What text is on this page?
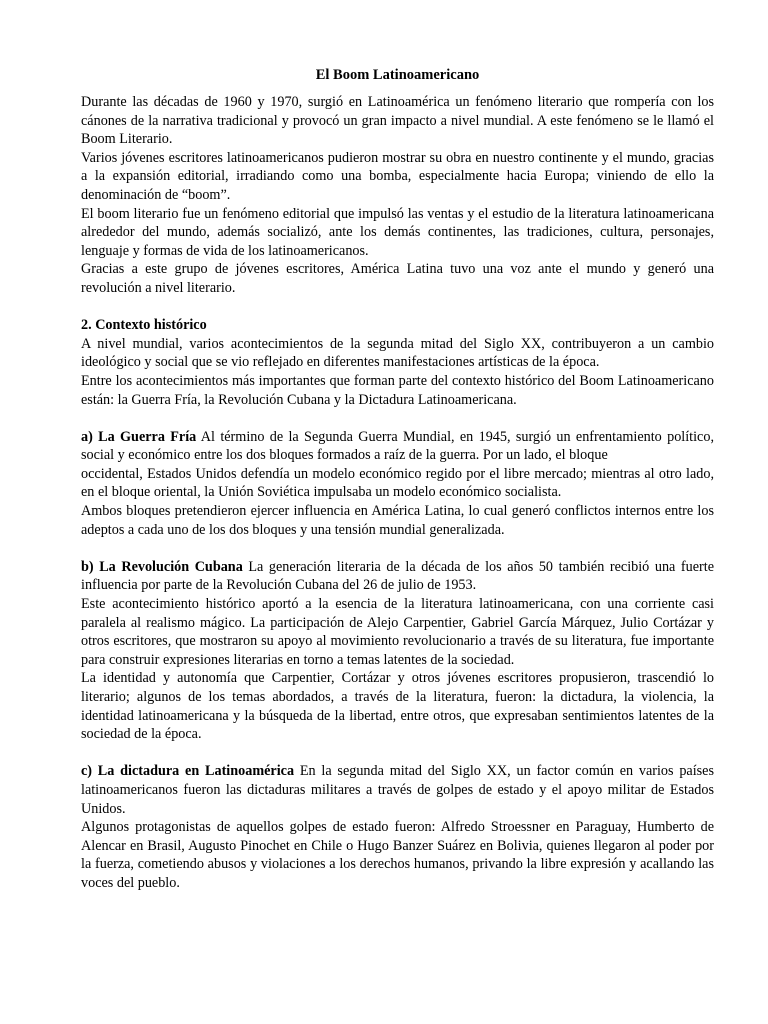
El Boom Latinoamericano

Durante las décadas de 1960 y 1970, surgió en Latinoamérica un fenómeno literario que rompería con los cánones de la narrativa tradicional y provocó un gran impacto a nivel mundial. A este fenómeno se le llamó el Boom Literario.

Varios jóvenes escritores latinoamericanos pudieron mostrar su obra en nuestro continente y el mundo, gracias a la expansión editorial, irradiando como una bomba, especialmente hacia Europa; viniendo de ello la denominación de “boom”.

El boom literario fue un fenómeno editorial que impulsó las ventas y el estudio de la literatura latinoamericana alrededor del mundo, además socializó, ante los demás continentes, las tradiciones, cultura, personajes, lenguaje y formas de vida de los latinoamericanos.

Gracias a este grupo de jóvenes escritores, América Latina tuvo una voz ante el mundo y generó una revolución a nivel literario.

2. Contexto histórico

A nivel mundial, varios acontecimientos de la segunda mitad del Siglo XX, contribuyeron a un cambio ideológico y social que se vio reflejado en diferentes manifestaciones artísticas de la época.

Entre los acontecimientos más importantes que forman parte del contexto histórico del Boom Latinoamericano están: la Guerra Fría, la Revolución Cubana y la Dictadura Latinoamericana.

a) La Guerra Fría Al término de la Segunda Guerra Mundial, en 1945, surgió un enfrentamiento político, social y económico entre los dos bloques formados a raíz de la guerra. Por un lado, el bloque

occidental, Estados Unidos defendía un modelo económico regido por el libre mercado; mientras al otro lado, en el bloque oriental, la Unión Soviética impulsaba un modelo económico socialista.

Ambos bloques pretendieron ejercer influencia en América Latina, lo cual generó conflictos internos entre los adeptos a cada uno de los dos bloques y una tensión mundial generalizada.

b) La Revolución Cubana La generación literaria de la década de los años 50 también recibió una fuerte influencia por parte de la Revolución Cubana del 26 de julio de 1953.

Este acontecimiento histórico aportó a la esencia de la literatura latinoamericana, con una corriente casi paralela al realismo mágico. La participación de Alejo Carpentier, Gabriel García Márquez, Julio Cortázar y otros escritores, que mostraron su apoyo al movimiento revolucionario a través de su literatura, fue importante para construir expresiones literarias en torno a temas latentes de la sociedad.

La identidad y autonomía que Carpentier, Cortázar y otros jóvenes escritores propusieron, trascendió lo literario; algunos de los temas abordados, a través de la literatura, fueron: la dictadura, la violencia, la identidad latinoamericana y la búsqueda de la libertad, entre otros, que expresaban sentimientos latentes de la sociedad de la época.

c) La dictadura en Latinoamérica En la segunda mitad del Siglo XX, un factor común en varios países latinoamericanos fueron las dictaduras militares a través de golpes de estado y el apoyo militar de Estados Unidos.

Algunos protagonistas de aquellos golpes de estado fueron: Alfredo Stroessner en Paraguay, Humberto de Alencar en Brasil, Augusto Pinochet en Chile o Hugo Banzer Suárez en Bolivia, quienes llegaron al poder por la fuerza, cometiendo abusos y violaciones a los derechos humanos, privando la libre expresión y acallando las voces del pueblo.
